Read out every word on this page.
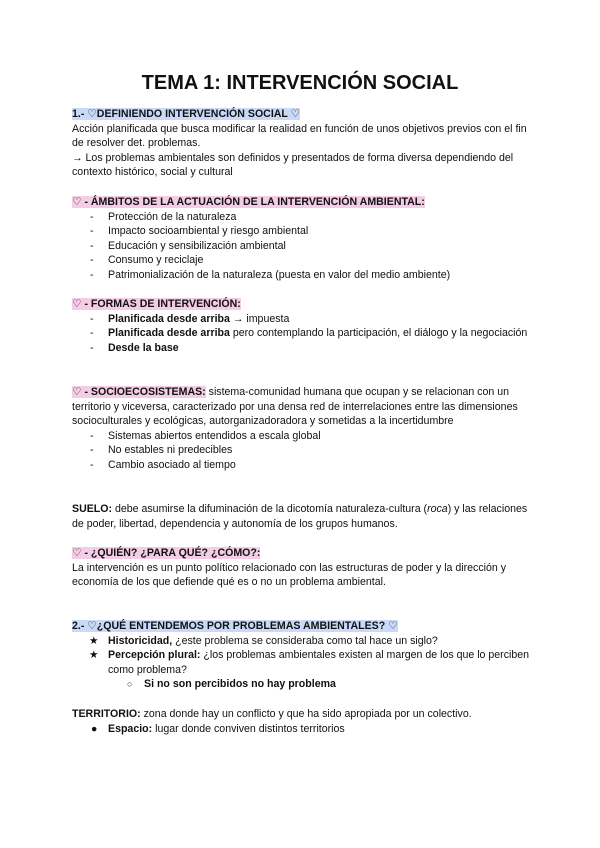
TEMA 1: INTERVENCIÓN SOCIAL

1.- ♡DEFINIENDO INTERVENCIÓN SOCIAL ♡

Acción planificada que busca modificar la realidad en función de unos objetivos previos con el fin de resolver det. problemas.

→ Los problemas ambientales son definidos y presentados de forma diversa dependiendo del contexto histórico, social y cultural

♡ - ÁMBITOS DE LA ACTUACIÓN DE LA INTERVENCIÓN AMBIENTAL:

- Protección de la naturaleza
- Impacto socioambiental y riesgo ambiental
- Educación y sensibilización ambiental
- Consumo y reciclaje
- Patrimonialización de la naturaleza (puesta en valor del medio ambiente)

♡ - FORMAS DE INTERVENCIÓN:

- Planificada desde arriba → impuesta
- Planificada desde arriba pero contemplando la participación, el diálogo y la negociación
- Desde la base

♡ - SOCIOECOSISTEMAS: sistema-comunidad humana que ocupan y se relacionan con un territorio y viceversa, caracterizado por una densa red de interrelaciones entre las dimensiones socioculturales y ecológicas, autorganizadoradora y sometidas a la incertidumbre

- Sistemas abiertos entendidos a escala global
- No estables ni predecibles
- Cambio asociado al tiempo

SUELO: debe asumirse la difuminación de la dicotomía naturaleza-cultura (roca) y las relaciones de poder, libertad, dependencia y autonomía de los grupos humanos.

♡ - ¿QUIÉN? ¿PARA QUÉ? ¿CÓMO?:

La intervención es un punto político relacionado con las estructuras de poder y la dirección y economía de los que defiende qué es o no un problema ambiental.

2.- ♡¿QUÉ ENTENDEMOS POR PROBLEMAS AMBIENTALES? ♡

★ Historicidad, ¿este problema se consideraba como tal hace un siglo?
★ Percepción plural: ¿los problemas ambientales existen al margen de los que lo perciben como problema?
○ Si no son percibidos no hay problema

TERRITORIO: zona donde hay un conflicto y que ha sido apropiada por un colectivo.

● Espacio: lugar donde conviven distintos territorios
